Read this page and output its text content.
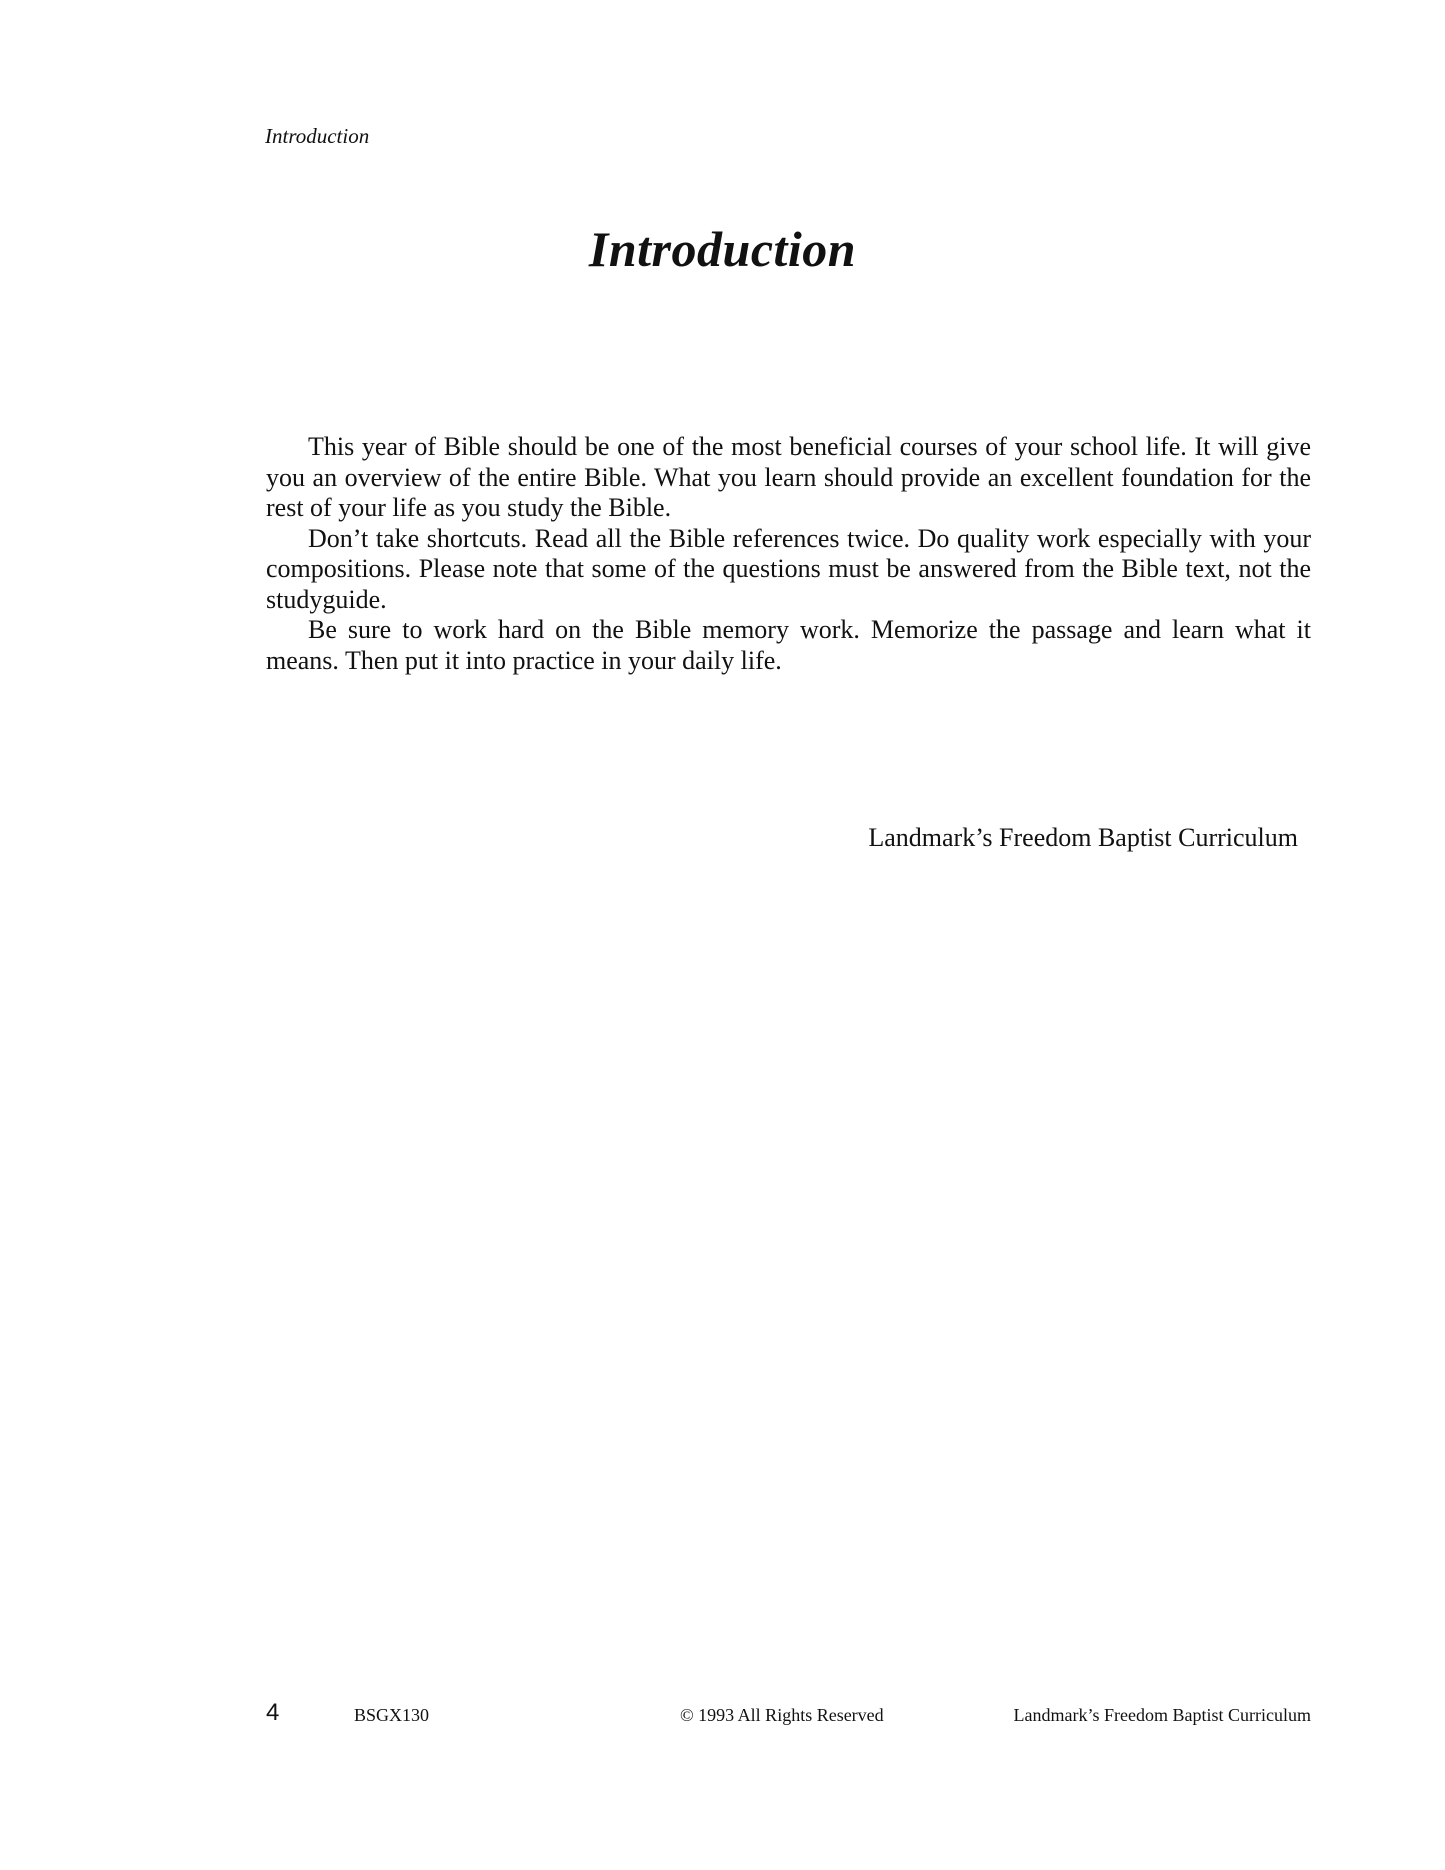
Introduction
Introduction

This year of Bible should be one of the most beneficial courses of your school life. It will give you an overview of the entire Bible. What you learn should provide an excellent foundation for the rest of your life as you study the Bible.

Don’t take shortcuts. Read all the Bible references twice. Do quality work especially with your compositions. Please note that some of the questions must be answered from the Bible text, not the studyguide.

Be sure to work hard on the Bible memory work. Memorize the passage and learn what it means. Then put it into practice in your daily life.

Landmark’s Freedom Baptist Curriculum
4	BSGX130	© 1993 All Rights Reserved	Landmark’s Freedom Baptist Curriculum
